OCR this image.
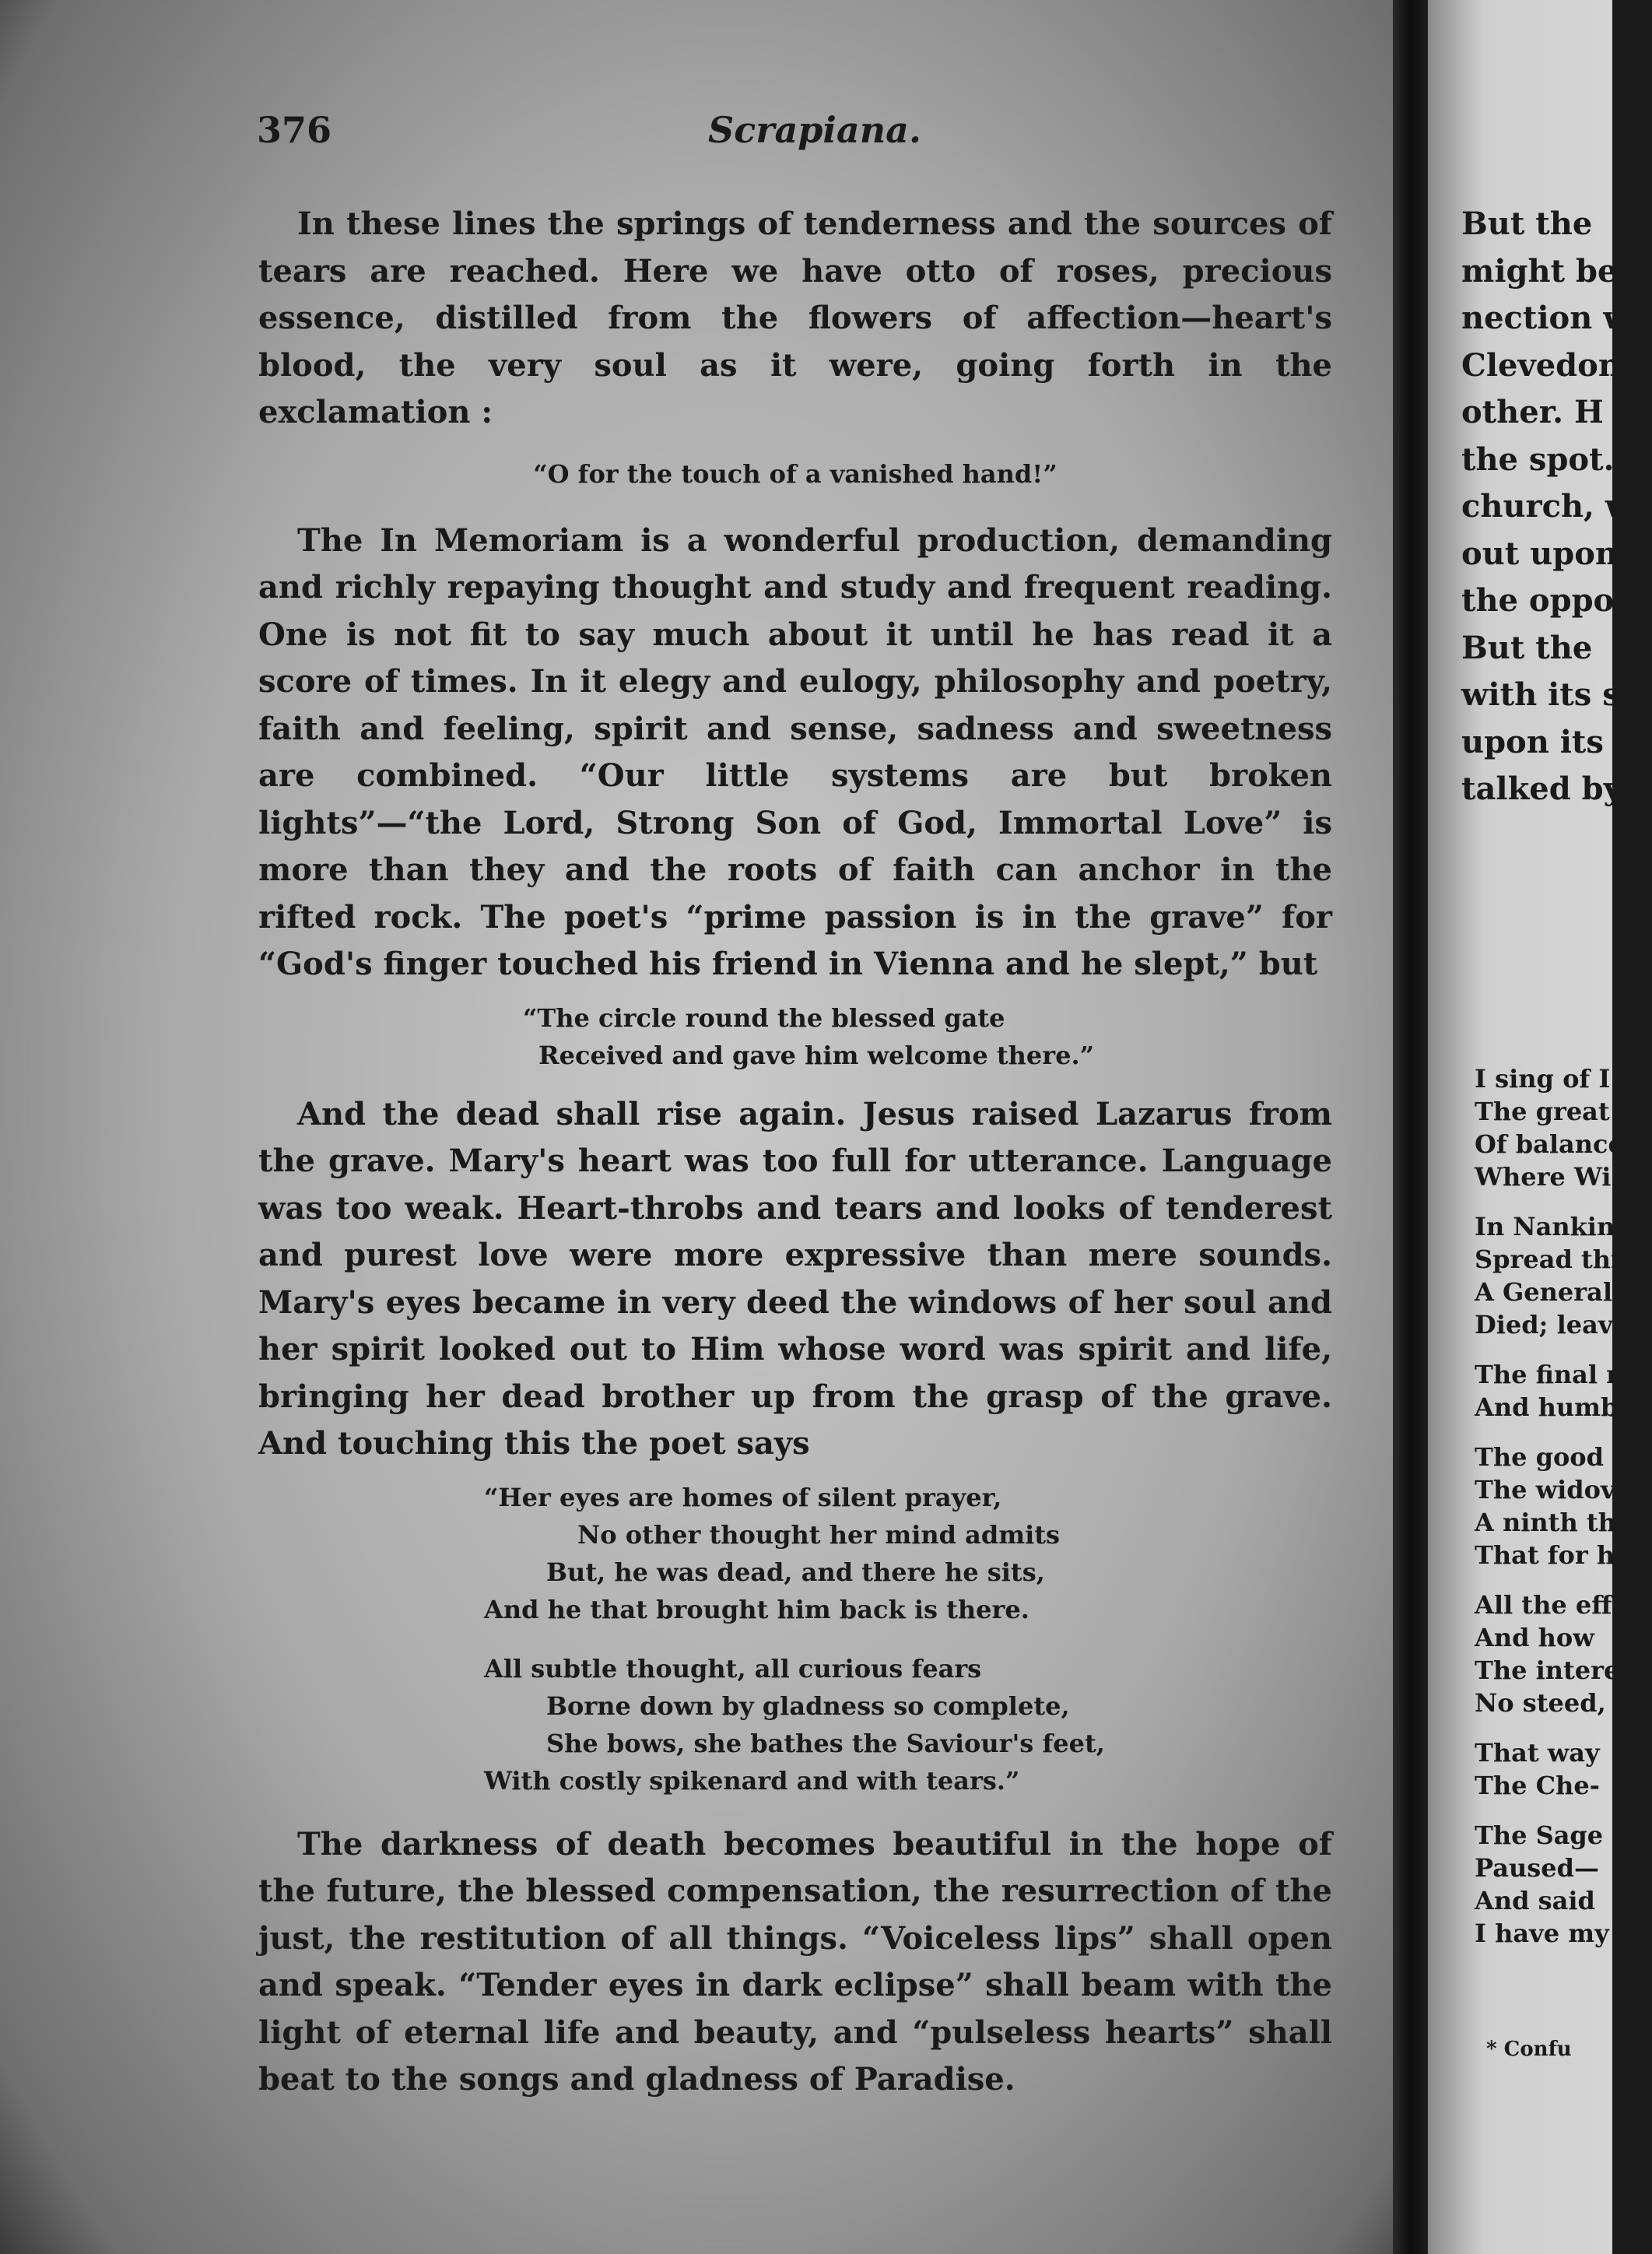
376	Scrapiana.

In these lines the springs of tenderness and the sources of tears are reached. Here we have otto of roses, precious essence, distilled from the flowers of affection—heart's blood, the very soul as it were, going forth in the exclamation :

“O for the touch of a vanished hand!”

The In Memoriam is a wonderful production, demanding and richly repaying thought and study and frequent reading. One is not fit to say much about it until he has read it a score of times. In it elegy and eulogy, philosophy and poetry, faith and feeling, spirit and sense, sadness and sweetness are combined. “Our little systems are but broken lights”—“the Lord, Strong Son of God, Immortal Love” is more than they and the roots of faith can anchor in the rifted rock. The poet's “prime passion is in the grave” for “God's finger touched his friend in Vienna and he slept,” but

“The circle round the blessed gate
Received and gave him welcome there.”

And the dead shall rise again. Jesus raised Lazarus from the grave. Mary's heart was too full for utterance. Language was too weak. Heart-throbs and tears and looks of tenderest and purest love were more expressive than mere sounds. Mary's eyes became in very deed the windows of her soul and her spirit looked out to Him whose word was spirit and life, bringing her dead brother up from the grasp of the grave. And touching this the poet says

“Her eyes are homes of silent prayer,
No other thought her mind admits
But, he was dead, and there he sits,
And he that brought him back is there.
All subtle thought, all curious fears
Borne down by gladness so complete,
She bows, she bathes the Saviour's feet,
With costly spikenard and with tears.”

The darkness of death becomes beautiful in the hope of the future, the blessed compensation, the resurrection of the just, the restitution of all things. “Voiceless lips” shall open and speak. “Tender eyes in dark eclipse” shall beam with the light of eternal life and beauty, and “pulseless hearts” shall beat to the songs and gladness of Paradise.

But the
might be s
nection w
Clevedon
other. H
the spot.
church, wa
out upon t
the oppos
But the
with its s
upon its
talked by
I sing of I
The great
Of balance
Where Wi
In Nankin
Spread thr
A General
Died; leav
The final r
And humb
The good
The widov
A ninth th
That for h
All the eff
And how
The intere
No steed,
That way
The Che-
The Sage
Paused—
And said
I have my
* Confu
